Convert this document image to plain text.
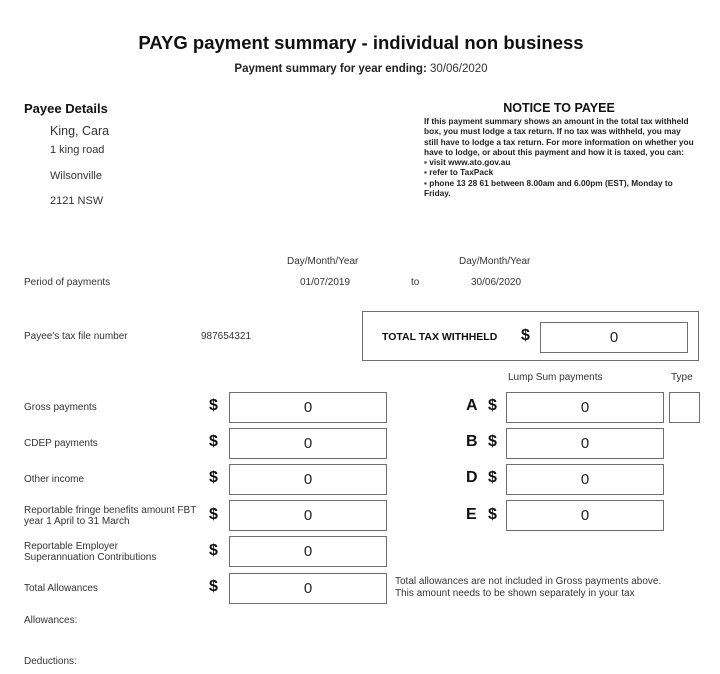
PAYG payment summary - individual non business
Payment summary for year ending: 30/06/2020
Payee Details
King, Cara
1 king road
Wilsonville
2121 NSW
NOTICE TO PAYEE

If this payment summary shows an amount in the total tax withheld box, you must lodge a tax return. If no tax was withheld, you may still have to lodge a tax return. For more information on whether you have to lodge, or about this payment and how it is taxed, you can:

▪ visit www.ato.gov.au

▪ refer to TaxPack

▪ phone 13 28 61 between 8.00am and 6.00pm (EST), Monday to Friday.

Day/Month/Year	Day/Month/Year
Period of payments	01/07/2019	to	30/06/2020
Payee's tax file number	987654321	TOTAL TAX WITHHELD $	0
Lump Sum payments	Type
Gross payments	$	0
CDEP payments	$	0
Other income	$	0
Reportable fringe benefits amount FBT year 1 April to 31 March	$	0
Reportable Employer Superannuation Contributions	$	0
Total Allowances	$	0
A $	0
B $	0
D $	0
E $	0
Total allowances are not included in Gross payments above.
This amount needs to be shown separately in your tax
Allowances:
Deductions:
